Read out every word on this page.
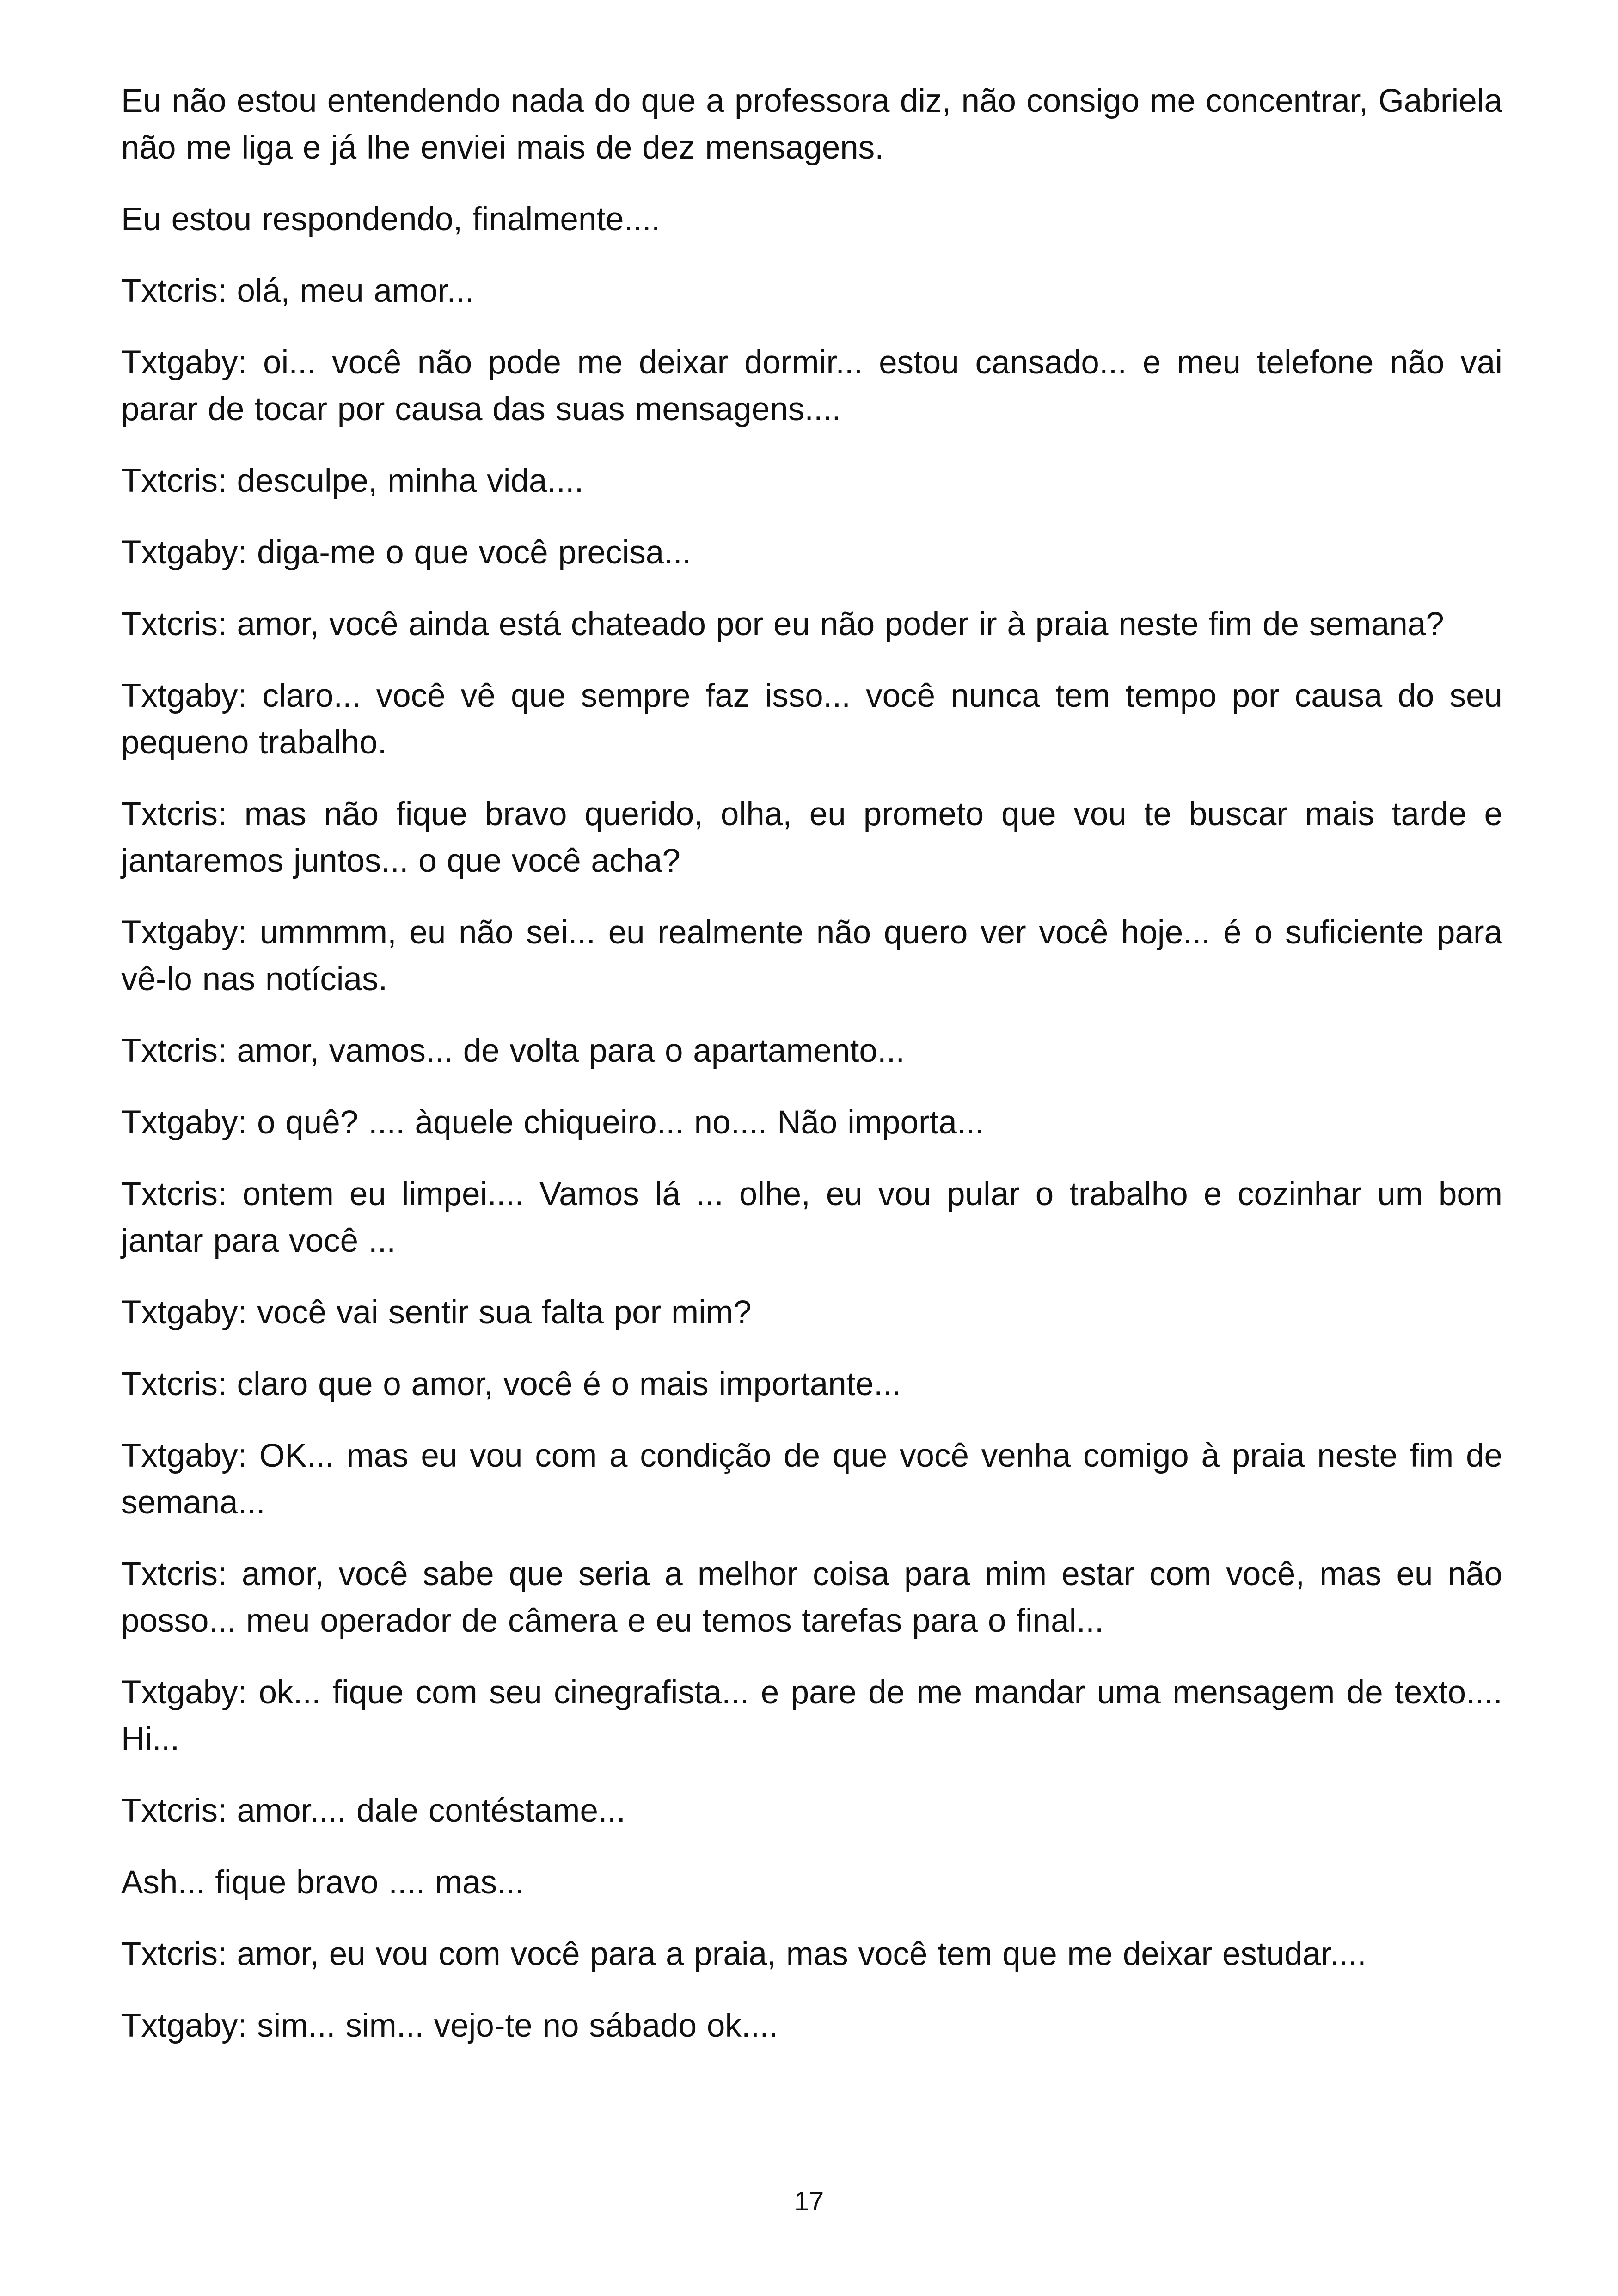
Eu não estou entendendo nada do que a professora diz, não consigo me concentrar, Gabriela não me liga e já lhe enviei mais de dez mensagens.

Eu estou respondendo, finalmente....

Txtcris: olá, meu amor...

Txtgaby: oi... você não pode me deixar dormir... estou cansado... e meu telefone não vai parar de tocar por causa das suas mensagens....

Txtcris: desculpe, minha vida....

Txtgaby: diga-me o que você precisa...

Txtcris: amor, você ainda está chateado por eu não poder ir à praia neste fim de semana?

Txtgaby: claro... você vê que sempre faz isso... você nunca tem tempo por causa do seu pequeno trabalho.

Txtcris: mas não fique bravo querido, olha, eu prometo que vou te buscar mais tarde e jantaremos juntos... o que você acha?

Txtgaby: ummmm, eu não sei... eu realmente não quero ver você hoje... é o suficiente para vê-lo nas notícias.

Txtcris: amor, vamos... de volta para o apartamento...

Txtgaby: o quê? .... àquele chiqueiro... no.... Não importa...

Txtcris: ontem eu limpei.... Vamos lá ... olhe, eu vou pular o trabalho e cozinhar um bom jantar para você ...

Txtgaby: você vai sentir sua falta por mim?

Txtcris: claro que o amor, você é o mais importante...

Txtgaby: OK... mas eu vou com a condição de que você venha comigo à praia neste fim de semana...

Txtcris: amor, você sabe que seria a melhor coisa para mim estar com você, mas eu não posso... meu operador de câmera e eu temos tarefas para o final...

Txtgaby: ok... fique com seu cinegrafista... e pare de me mandar uma mensagem de texto.... Hi...

Txtcris: amor.... dale contéstame...

Ash... fique bravo .... mas...

Txtcris: amor, eu vou com você para a praia, mas você tem que me deixar estudar....

Txtgaby: sim... sim... vejo-te no sábado ok....

17
